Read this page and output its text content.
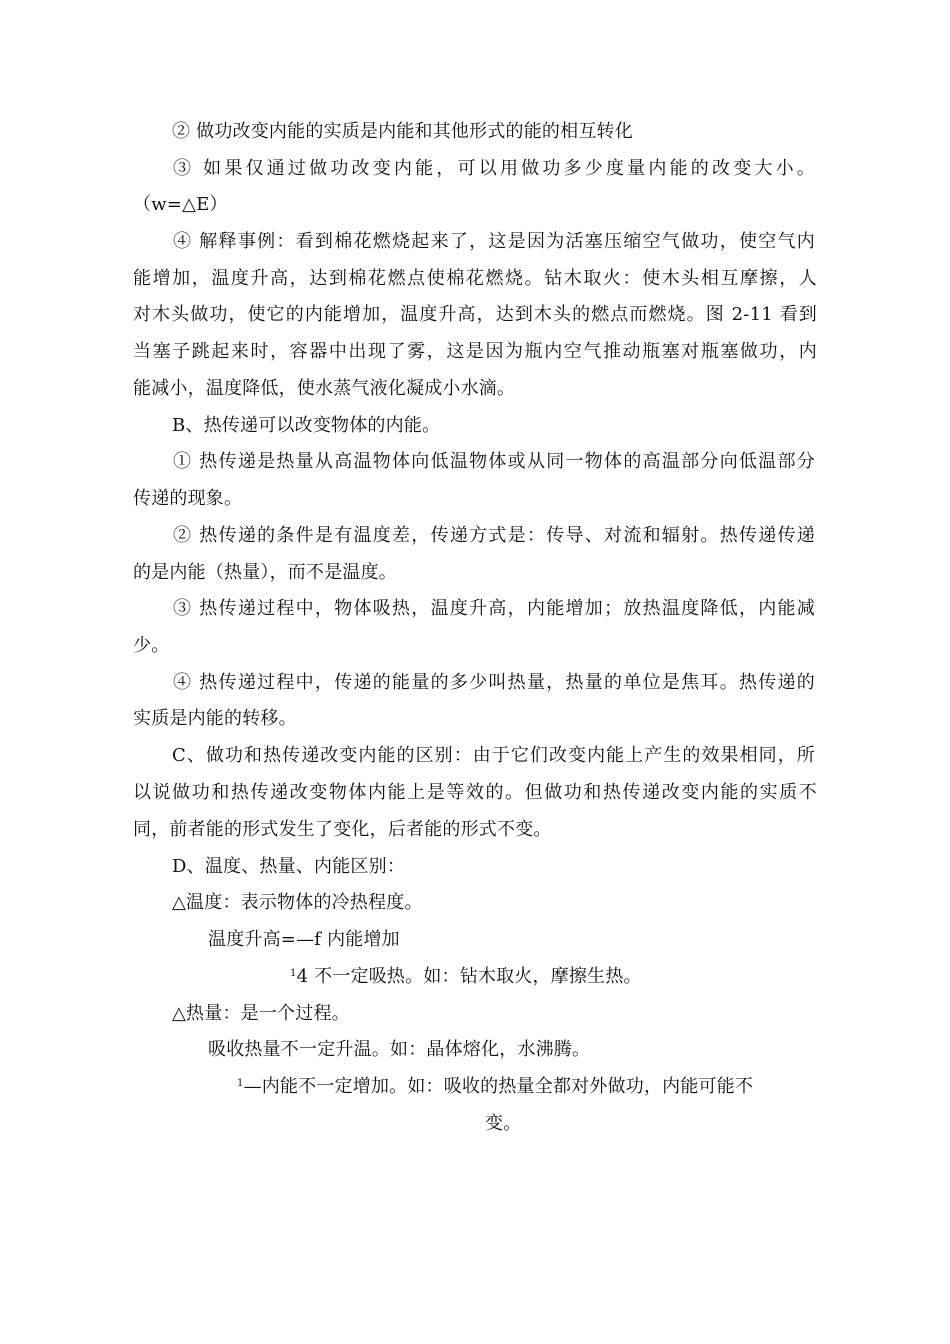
② 做功改变内能的实质是内能和其他形式的能的相互转化
③ 如果仅通过做功改变内能，可以用做功多少度量内能的改变大小。
（w=△E）
④ 解释事例：看到棉花燃烧起来了，这是因为活塞压缩空气做功，使空气内
能增加，温度升高，达到棉花燃点使棉花燃烧。钻木取火：使木头相互摩擦，人
对木头做功，使它的内能增加，温度升高，达到木头的燃点而燃烧。图 2-11 看到
当塞子跳起来时，容器中出现了雾，这是因为瓶内空气推动瓶塞对瓶塞做功，内
能减小，温度降低，使水蒸气液化凝成小水滴。
B、热传递可以改变物体的内能。
① 热传递是热量从高温物体向低温物体或从同一物体的高温部分向低温部分
传递的现象。
② 热传递的条件是有温度差，传递方式是：传导、对流和辐射。热传递传递
的是内能（热量），而不是温度。
③ 热传递过程中，物体吸热，温度升高，内能增加；放热温度降低，内能减
少。
④ 热传递过程中，传递的能量的多少叫热量，热量的单位是焦耳。热传递的
实质是内能的转移。
C、做功和热传递改变内能的区别：由于它们改变内能上产生的效果相同，所
以说做功和热传递改变物体内能上是等效的。但做功和热传递改变内能的实质不
同，前者能的形式发生了变化，后者能的形式不变。
D、温度、热量、内能区别：
△温度：表示物体的冷热程度。
温度升高=—f 内能增加
$^1$4 不一定吸热。如：钻木取火，摩擦生热。
△热量：是一个过程。
吸收热量不一定升温。如：晶体熔化，水沸腾。
$^1$—内能不一定增加。如：吸收的热量全都对外做功，内能可能不
变。
